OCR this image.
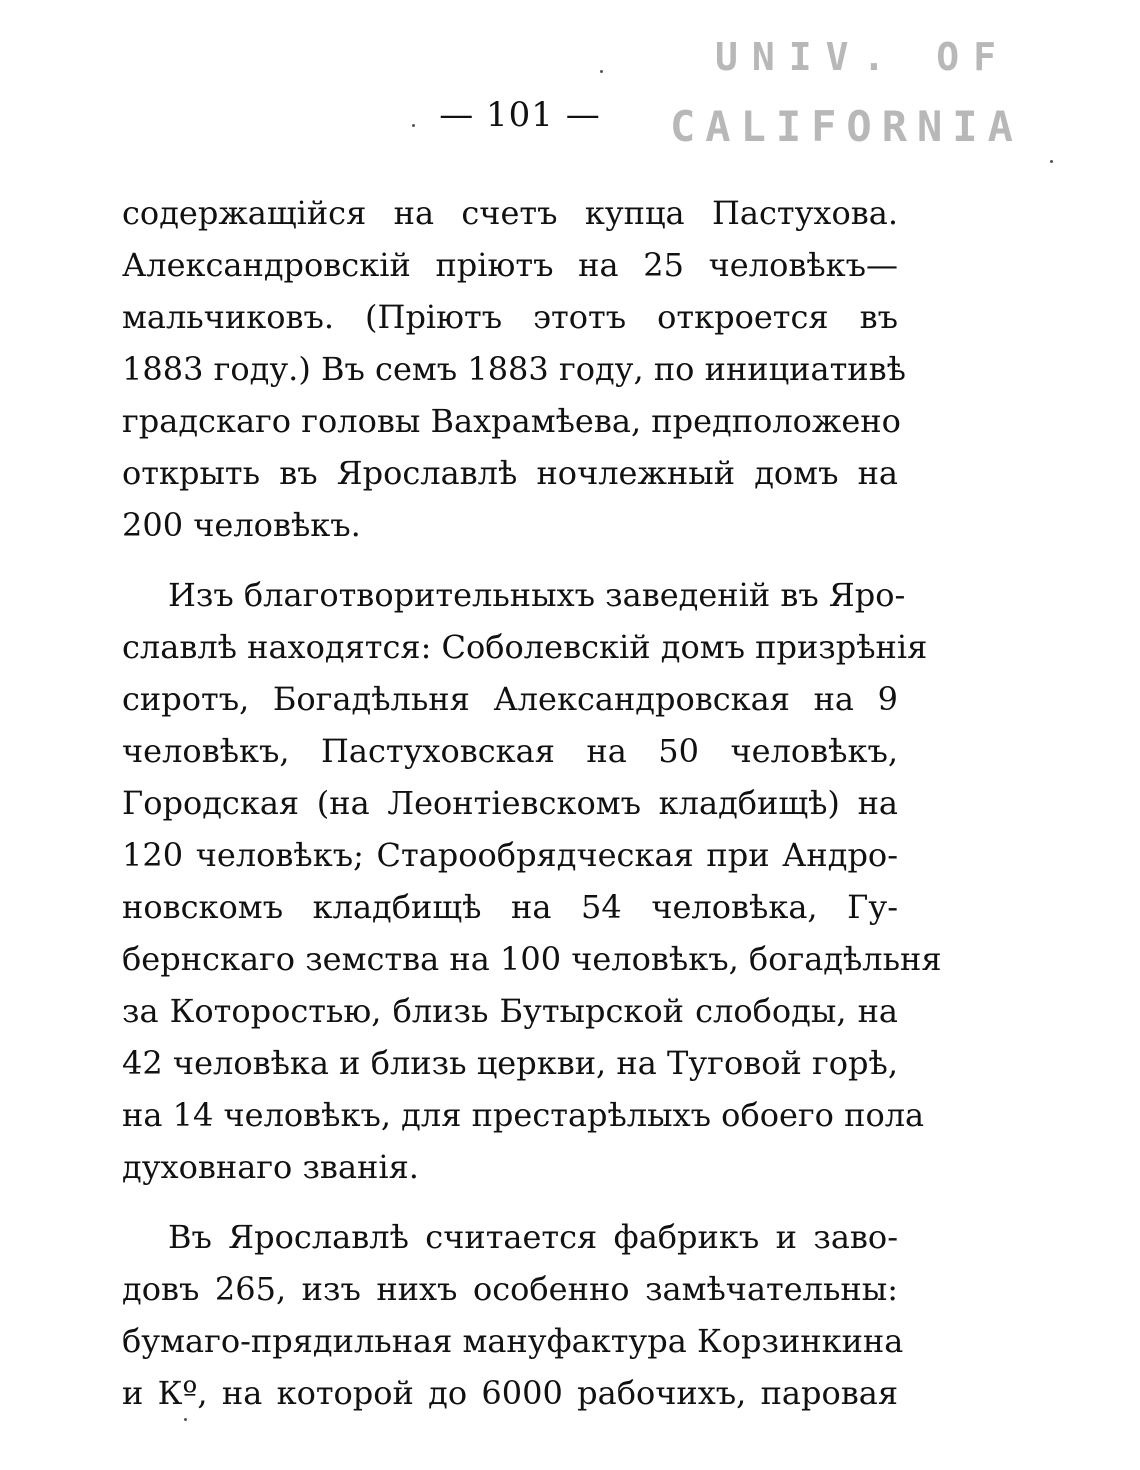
UNIV. OF
CALIFORNIA
— 101 —
содержащійся на счетъ купца Пастухова.
Александровскій пріютъ на 25 человѣкъ—
мальчиковъ. (Пріютъ этотъ откроется въ
1883 году.) Въ семъ 1883 году, по инициативѣ
градскаго головы Вахрамѣева, предположено
открыть въ Ярославлѣ ночлежный домъ на
200 человѣкъ.
Изъ благотворительныхъ заведеній въ Яро-
славлѣ находятся: Соболевскій домъ призрѣнія
сиротъ, Богадѣльня Александровская на 9
человѣкъ, Пастуховская на 50 человѣкъ,
Городская (на Леонтіевскомъ кладбищѣ) на
120 человѣкъ; Старообрядческая при Андро-
новскомъ кладбищѣ на 54 человѣка, Гу-
бернскаго земства на 100 человѣкъ, богадѣльня
за Которостью, близь Бутырской слободы, на
42 человѣка и близь церкви, на Туговой горѣ,
на 14 человѣкъ, для престарѣлыхъ обоего пола
духовнаго званія.
Въ Ярославлѣ считается фабрикъ и заво-
довъ 265, изъ нихъ особенно замѣчательны:
бумаго-прядильная мануфактура Корзинкина
и Кº, на которой до 6000 рабочихъ, паровая
